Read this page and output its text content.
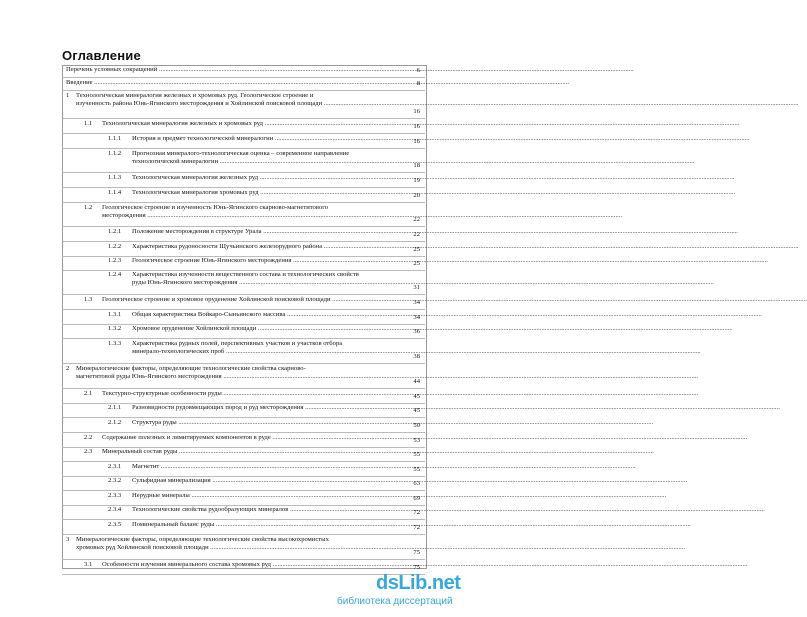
Оглавление
Перечень условных сокращений .....	6
Введение .....	8
1 Технологическая минералогия железных и хромовых руд. Геологическое строение и
изученность района Юнь-Ягинского месторождения и Хойлинской поисковой площади .....
16
1.1 Технологическая минералогия железных и хромовых руд .....	16
1.1.1 История и предмет технологической минералогии .....	16
1.1.2 Прогнозная минералого-технологическая оценка – современное направление
технологической минералогии .....
18
1.1.3 Технологическая минералогия железных руд .....	19
1.1.4 Технологическая минералогия хромовых руд .....	20
1.2 Геологическое строение и изученность Юнь-Ягинского скарново-магнетитового
месторождения .....
22
1.2.1 Положение месторождения в структуре Урала .....	22
1.2.2 Характеристика рудоносности Щучьинского железорудного района .....	25
1.2.3 Геологическое строение Юнь-Ягинского месторождения .....	25
1.2.4 Характеристика изученности вещественного состава и технологических свойств
руды Юнь-Ягинского месторождения .....
31
1.3 Геологическое строение и хромовое оруденение Хойлинской поисковой площади .....	34
1.3.1 Общая характеристика Войкаро-Сыньинского массива .....	34
1.3.2 Хромовое оруденение Хойлинской площади .....	36
1.3.3 Характеристика рудных полей, перспективных участков и участков отбора
минерало-технологических проб .....
38
2 Минералогические факторы, определяющие технологические свойства скарново-
магнетитовой руды Юнь-Ягинского месторождения .....
44
2.1 Текстурно-структурные особенности руды .....	45
2.1.1 Разновидности рудовмещающих пород и руд месторождения .....	45
2.1.2 Структура руды .....	50
2.2 Содержание полезных и лимитируемых компонентов в руде .....	53
2.3 Минеральный состав руды .....	55
2.3.1 Магнетит .....	55
2.3.2 Сульфидная минерализация .....	63
2.3.3 Нерудные минералы .....	69
2.3.4 Технологические свойства рудообразующих минералов .....	72
2.3.5 Поминеральный баланс руды .....	72
3 Минералогические факторы, определяющие технологические свойства высокохромистых
хромовых руд Хойлинской поисковой площади .....
75
3.1 Особенности изучения минерального состава хромовых руд .....	75
dsLib.net
библиотека диссертаций
